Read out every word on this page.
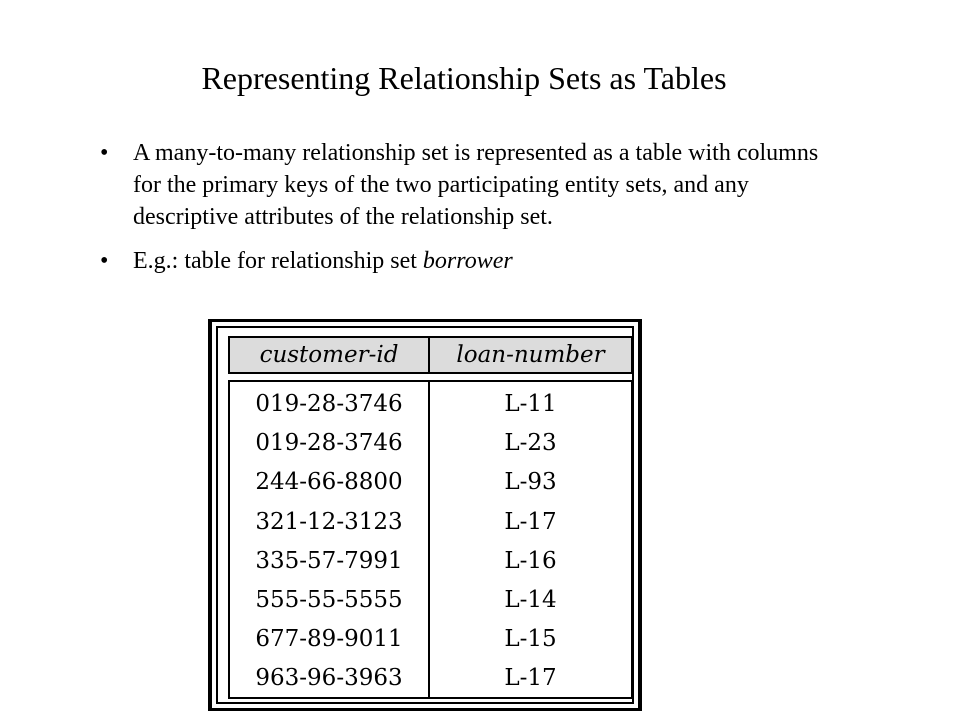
Representing Relationship Sets as Tables
• A many-to-many relationship set is represented as a table with columns for the primary keys of the two participating entity sets, and any descriptive attributes of the relationship set.
• E.g.: table for relationship set borrower
customer-id	loan-number
019-28-3746
019-28-3746
244-66-8800
321-12-3123
335-57-7991
555-55-5555
677-89-9011
963-96-3963
L-11
L-23
L-93
L-17
L-16
L-14
L-15
L-17
